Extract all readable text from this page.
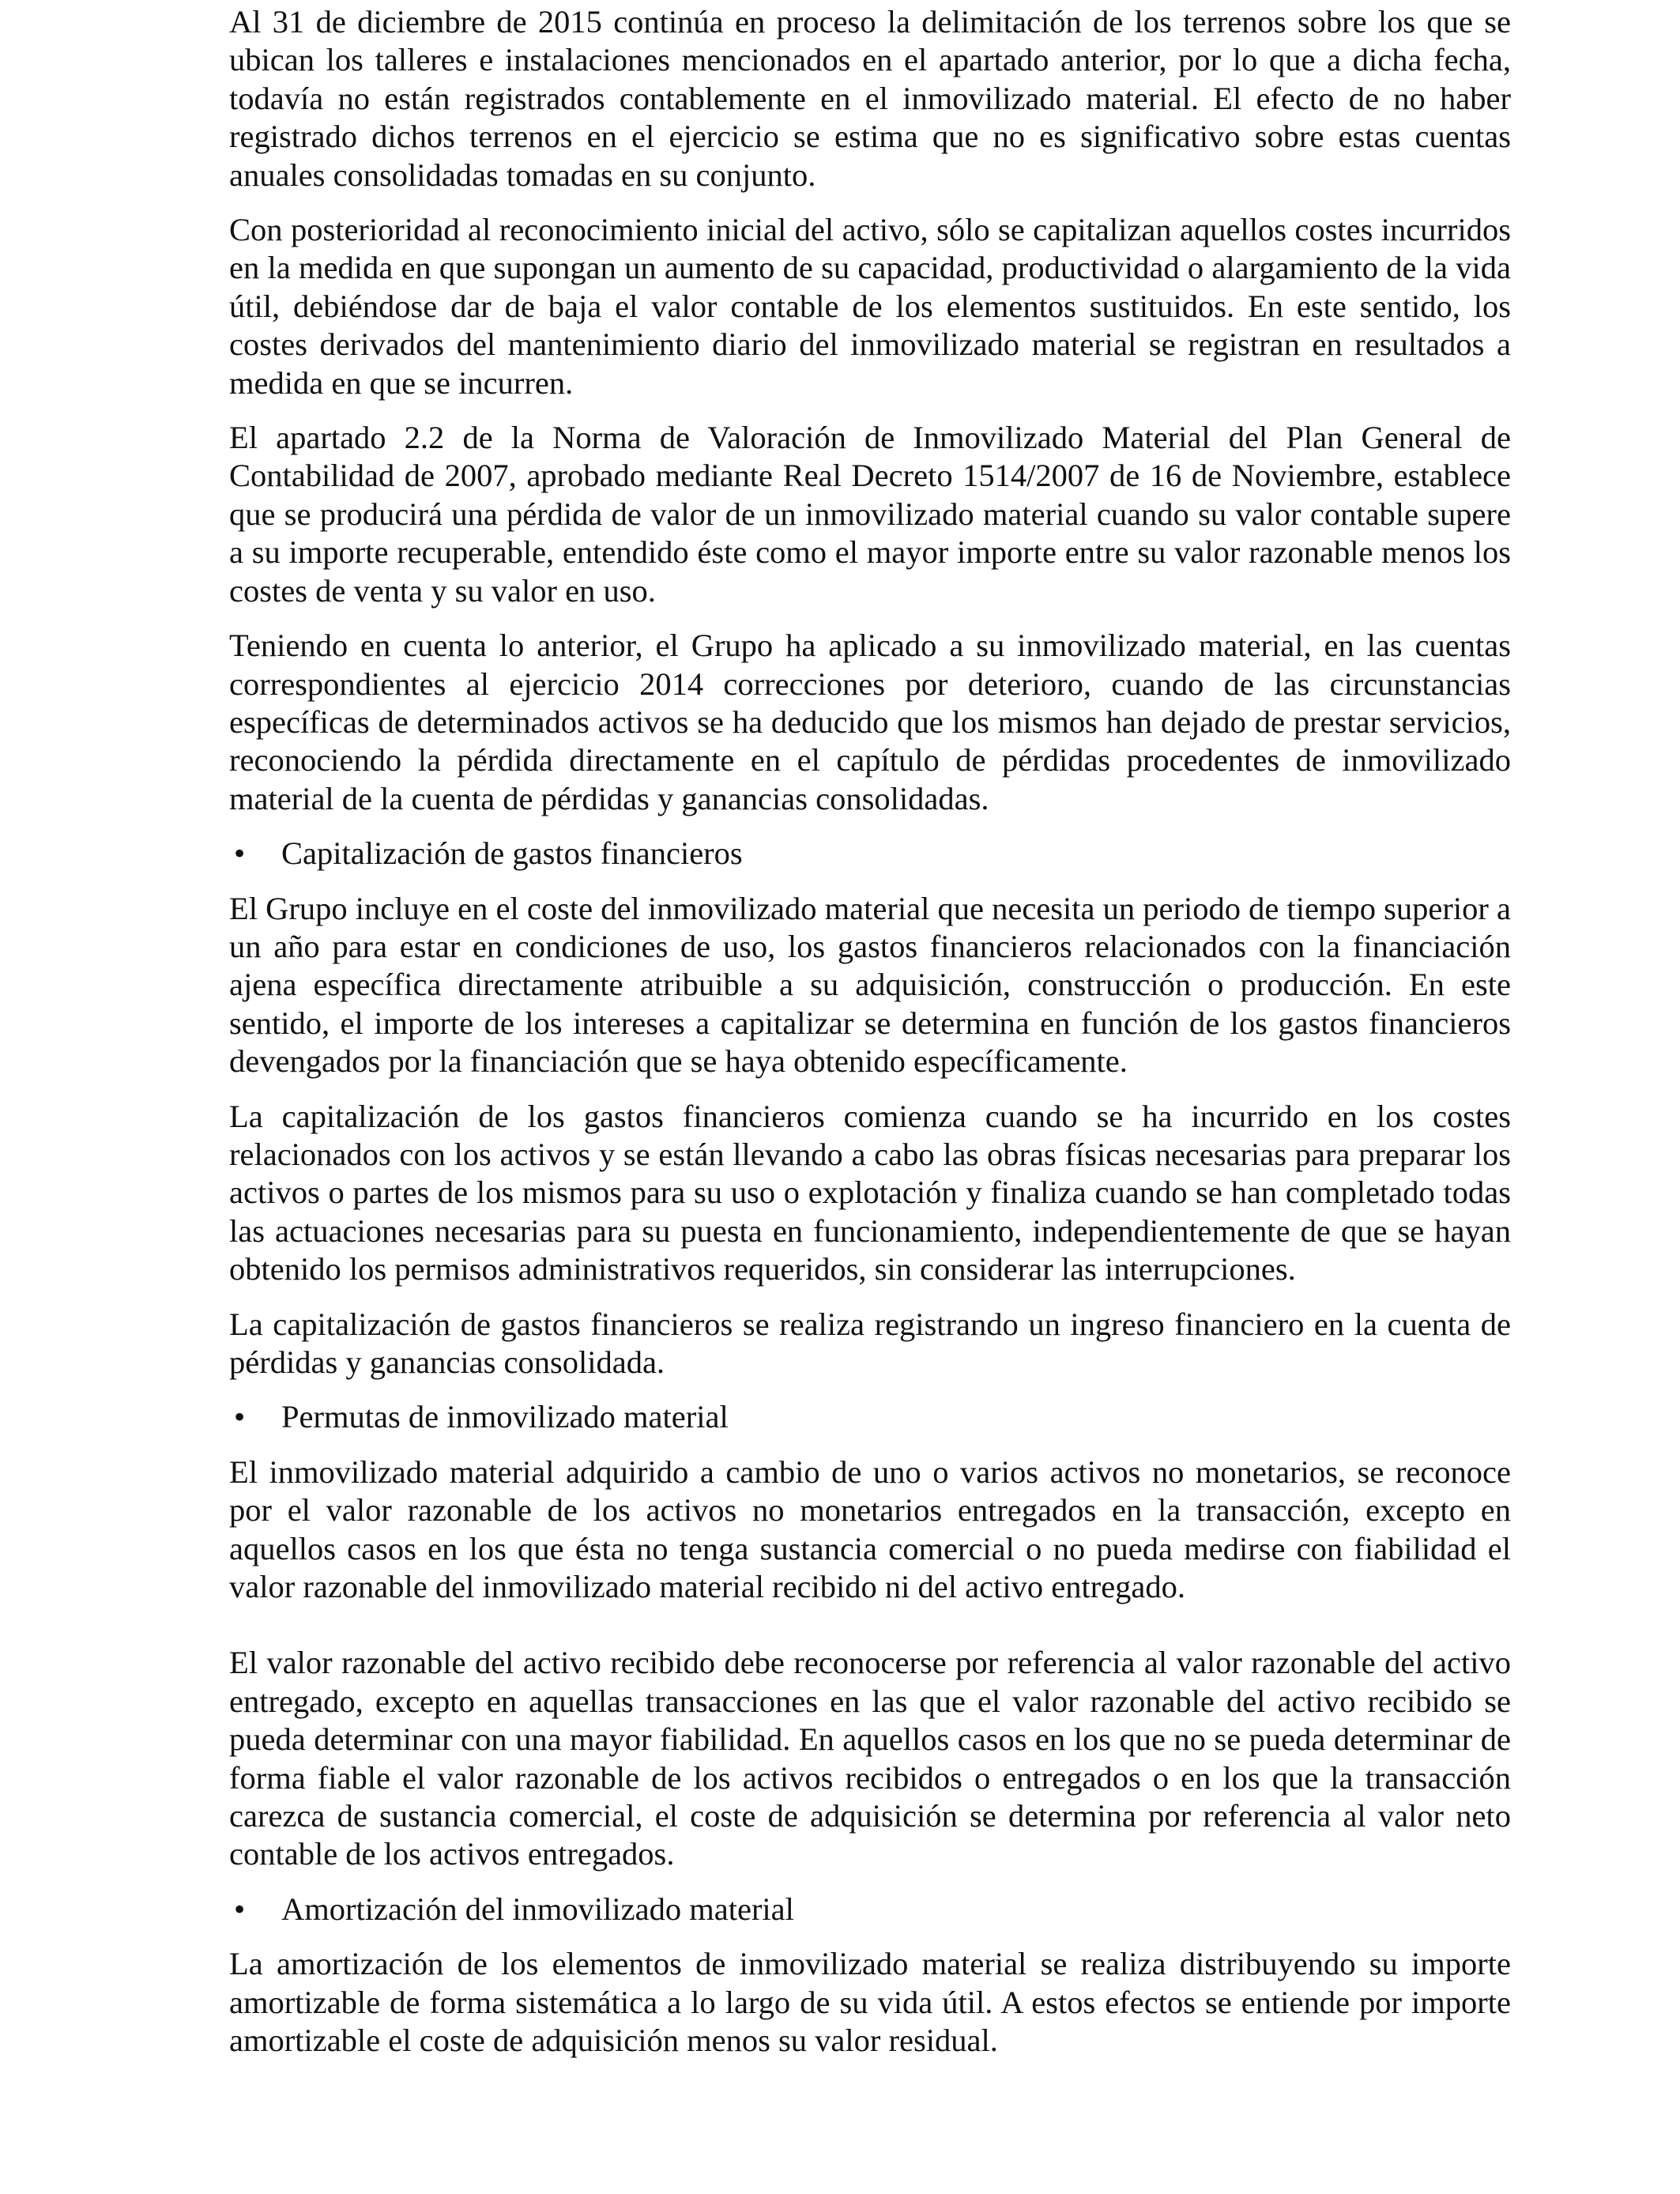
Al 31 de diciembre de 2015 continúa en proceso la delimitación de los terrenos sobre los que se ubican los talleres e instalaciones mencionados en el apartado anterior, por lo que a dicha fecha, todavía no están registrados contablemente en el inmovilizado material. El efecto de no haber registrado dichos terrenos en el ejercicio se estima que no es significativo sobre estas cuentas anuales consolidadas tomadas en su conjunto.

Con posterioridad al reconocimiento inicial del activo, sólo se capitalizan aquellos costes incurridos en la medida en que supongan un aumento de su capacidad, productividad o alargamiento de la vida útil, debiéndose dar de baja el valor contable de los elementos sustituidos. En este sentido, los costes derivados del mantenimiento diario del inmovilizado material se registran en resultados a medida en que se incurren.

El apartado 2.2 de la Norma de Valoración de Inmovilizado Material del Plan General de Contabilidad de 2007, aprobado mediante Real Decreto 1514/2007 de 16 de Noviembre, establece que se producirá una pérdida de valor de un inmovilizado material cuando su valor contable supere a su importe recuperable, entendido éste como el mayor importe entre su valor razonable menos los costes de venta y su valor en uso.

Teniendo en cuenta lo anterior, el Grupo ha aplicado a su inmovilizado material, en las cuentas correspondientes al ejercicio 2014 correcciones por deterioro, cuando de las circunstancias específicas de determinados activos se ha deducido que los mismos han dejado de prestar servicios, reconociendo la pérdida directamente en el capítulo de pérdidas procedentes de inmovilizado material de la cuenta de pérdidas y ganancias consolidadas.

•	Capitalización de gastos financieros

El Grupo incluye en el coste del inmovilizado material que necesita un periodo de tiempo superior a un año para estar en condiciones de uso, los gastos financieros relacionados con la financiación ajena específica directamente atribuible a su adquisición, construcción o producción. En este sentido, el importe de los intereses a capitalizar se determina en función de los gastos financieros devengados por la financiación que se haya obtenido específicamente.

La capitalización de los gastos financieros comienza cuando se ha incurrido en los costes relacionados con los activos y se están llevando a cabo las obras físicas necesarias para preparar los activos o partes de los mismos para su uso o explotación y finaliza cuando se han completado todas las actuaciones necesarias para su puesta en funcionamiento, independientemente de que se hayan obtenido los permisos administrativos requeridos, sin considerar las interrupciones.

La capitalización de gastos financieros se realiza registrando un ingreso financiero en la cuenta de pérdidas y ganancias consolidada.

•	Permutas de inmovilizado material

El inmovilizado material adquirido a cambio de uno o varios activos no monetarios, se reconoce por el valor razonable de los activos no monetarios entregados en la transacción, excepto en aquellos casos en los que ésta no tenga sustancia comercial o no pueda medirse con fiabilidad el valor razonable del inmovilizado material recibido ni del activo entregado.

El valor razonable del activo recibido debe reconocerse por referencia al valor razonable del activo entregado, excepto en aquellas transacciones en las que el valor razonable del activo recibido se pueda determinar con una mayor fiabilidad. En aquellos casos en los que no se pueda determinar de forma fiable el valor razonable de los activos recibidos o entregados o en los que la transacción carezca de sustancia comercial, el coste de adquisición se determina por referencia al valor neto contable de los activos entregados.

•	Amortización del inmovilizado material

La amortización de los elementos de inmovilizado material se realiza distribuyendo su importe amortizable de forma sistemática a lo largo de su vida útil. A estos efectos se entiende por importe amortizable el coste de adquisición menos su valor residual.
